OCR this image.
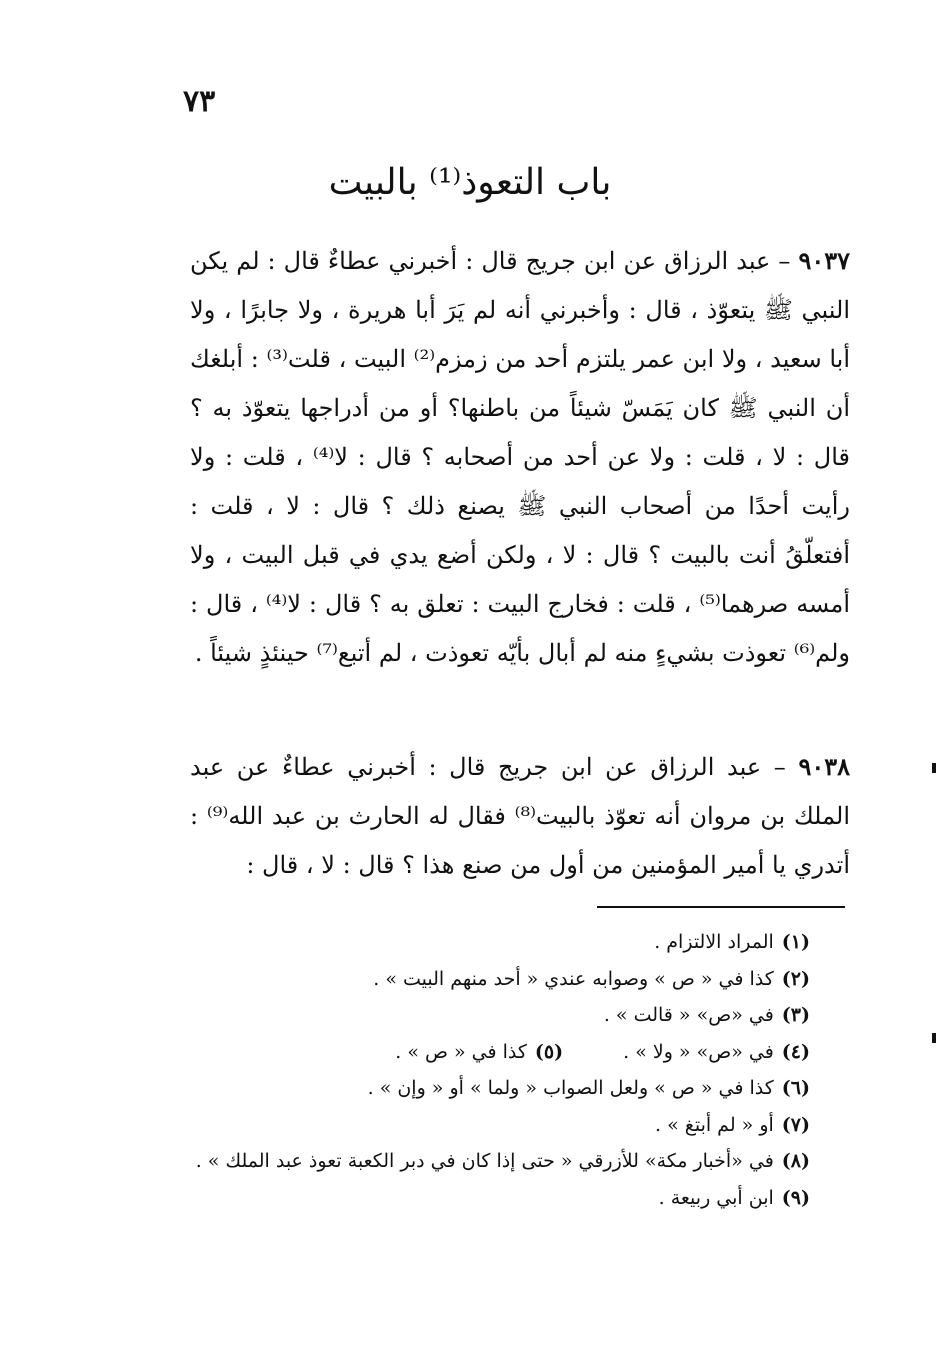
٧٣
باب التعوذ⁽¹⁾ بالبيت

٩٠٣٧ – عبد الرزاق عن ابن جريج قال : أخبرني عطاءٌ قال : لم يكن النبي ﷺ يتعوّذ ، قال : وأخبرني أنه لم يَرَ أبا هريرة ، ولا جابرًا ، ولا أبا سعيد ، ولا ابن عمر يلتزم أحد من زمزم⁽²⁾ البيت ، قلت⁽³⁾ : أبلغك أن النبي ﷺ كان يَمَسّ شيئاً من باطنها؟ أو من أدراجها يتعوّذ به ؟ قال : لا ، قلت : ولا عن أحد من أصحابه ؟ قال : لا⁽⁴⁾ ، قلت : ولا رأيت أحدًا من أصحاب النبي ﷺ يصنع ذلك ؟ قال : لا ، قلت : أفتعلّقُ أنت بالبيت ؟ قال : لا ، ولكن أضع يدي في قبل البيت ، ولا أمسه صرهما⁽⁵⁾ ، قلت : فخارج البيت : تعلق به ؟ قال : لا⁽⁴⁾ ، قال : ولم⁽⁶⁾ تعوذت بشيءٍ منه لم أبال بأيّه تعوذت ، لم أتبع⁽⁷⁾ حينئذٍ شيئاً .

٩٠٣٨ – عبد الرزاق عن ابن جريج قال : أخبرني عطاءٌ عن عبد الملك بن مروان أنه تعوّذ بالبيت⁽⁸⁾ فقال له الحارث بن عبد الله⁽⁹⁾ : أتدري يا أمير المؤمنين من أول من صنع هذا ؟ قال : لا ، قال :

(١)المراد الالتزام .
(٢)كذا في « ص » وصوابه عندي « أحد منهم البيت » .
(٣)في «ص» « قالت » .
(٤)في «ص» « ولا » .(٥)كذا في « ص » .
(٦)كذا في « ص » ولعل الصواب « ولما » أو « وإن » .
(٧)أو « لم أبتغ » .
(٨)في «أخبار مكة» للأزرقي « حتى إذا كان في دبر الكعبة تعوذ عبد الملك » .
(٩)ابن أبي ربيعة .
